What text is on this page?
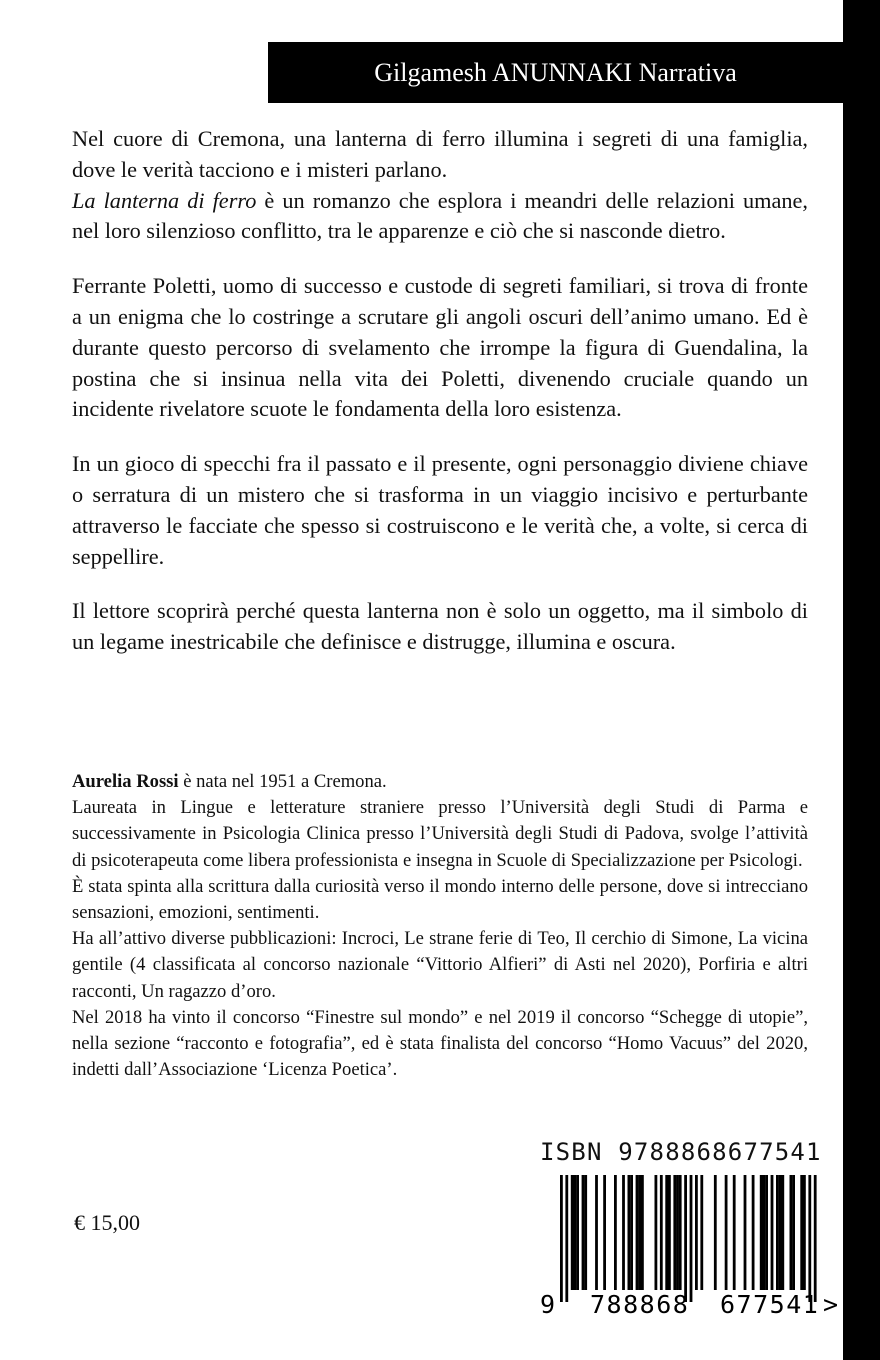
Gilgamesh ANUNNAKI Narrativa

Nel cuore di Cremona, una lanterna di ferro illumina i segreti di una famiglia, dove le verità tacciono e i misteri parlano.
La lanterna di ferro è un romanzo che esplora i meandri delle relazioni umane, nel loro silenzioso conflitto, tra le apparenze e ciò che si nasconde dietro.

Ferrante Poletti, uomo di successo e custode di segreti familiari, si trova di fronte a un enigma che lo costringe a scrutare gli angoli oscuri dell’animo umano. Ed è durante questo percorso di svelamento che irrompe la figura di Guendalina, la postina che si insinua nella vita dei Poletti, divenendo cruciale quando un incidente rivelatore scuote le fondamenta della loro esistenza.

In un gioco di specchi fra il passato e il presente, ogni personaggio diviene chiave o serratura di un mistero che si trasforma in un viaggio incisivo e perturbante attraverso le facciate che spesso si costruiscono e le verità che, a volte, si cerca di seppellire.

Il lettore scoprirà perché questa lanterna non è solo un oggetto, ma il simbolo di un legame inestricabile che definisce e distrugge, illumina e oscura.

Aurelia Rossi è nata nel 1951 a Cremona.

Laureata in Lingue e letterature straniere presso l’Università degli Studi di Parma e successivamente in Psicologia Clinica presso l’Università degli Studi di Padova, svolge l’attività di psicoterapeuta come libera professionista e insegna in Scuole di Specializzazione per Psicologi.

È stata spinta alla scrittura dalla curiosità verso il mondo interno delle persone, dove si intrecciano sensazioni, emozioni, sentimenti.

Ha all’attivo diverse pubblicazioni: Incroci, Le strane ferie di Teo, Il cerchio di Simone, La vicina gentile (4 classificata al concorso nazionale “Vittorio Alfieri” di Asti nel 2020), Porfiria e altri racconti, Un ragazzo d’oro.

Nel 2018 ha vinto il concorso “Finestre sul mondo” e nel 2019 il concorso “Schegge di utopie”, nella sezione “racconto e fotografia”, ed è stata finalista del concorso “Homo Vacuus” del 2020, indetti dall’Associazione ‘Licenza Poetica’.

€ 15,00
ISBN 9788868677541
9 788868 677541 >
